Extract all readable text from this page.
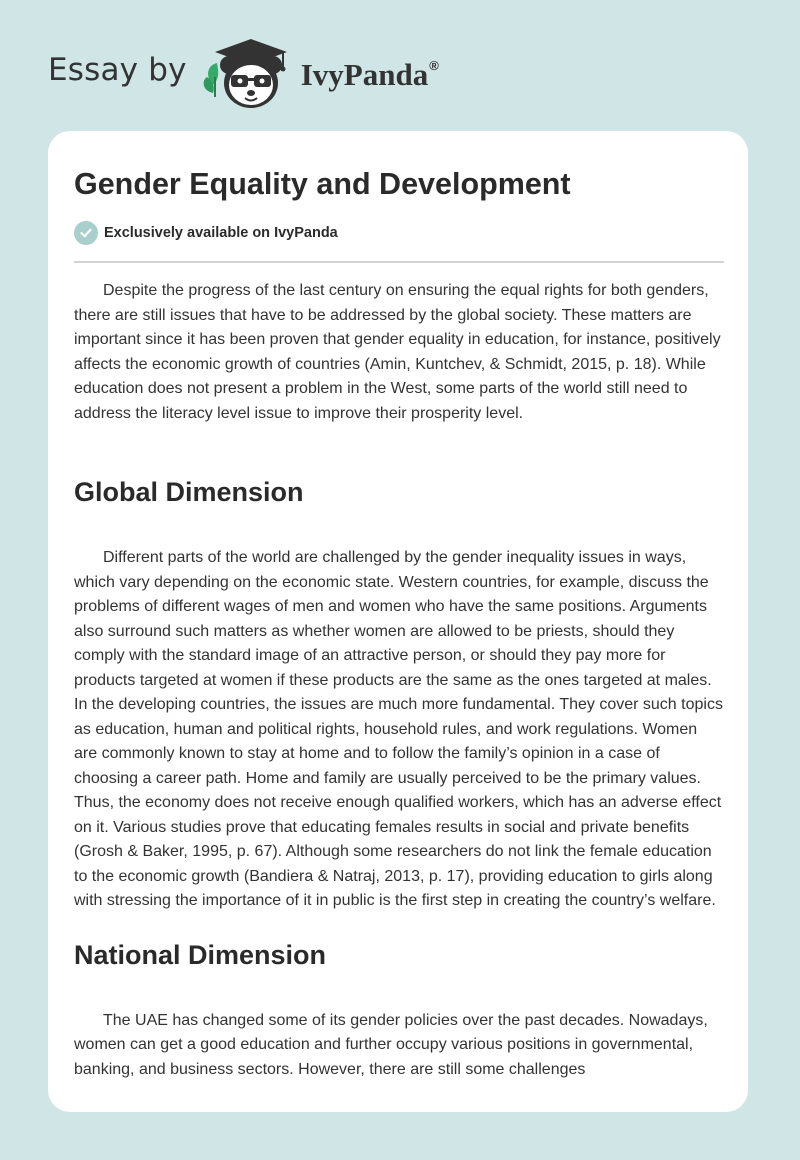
Essay by	IvyPanda®
Gender Equality and Development
Exclusively available on IvyPanda

Despite the progress of the last century on ensuring the equal rights for both genders, there are still issues that have to be addressed by the global society. These matters are important since it has been proven that gender equality in education, for instance, positively affects the economic growth of countries (Amin, Kuntchev, & Schmidt, 2015, p. 18). While education does not present a problem in the West, some parts of the world still need to address the literacy level issue to improve their prosperity level.

Global Dimension

Different parts of the world are challenged by the gender inequality issues in ways, which vary depending on the economic state. Western countries, for example, discuss the problems of different wages of men and women who have the same positions. Arguments also surround such matters as whether women are allowed to be priests, should they comply with the standard image of an attractive person, or should they pay more for products targeted at women if these products are the same as the ones targeted at males. In the developing countries, the issues are much more fundamental. They cover such topics as education, human and political rights, household rules, and work regulations. Women are commonly known to stay at home and to follow the family’s opinion in a case of choosing a career path. Home and family are usually perceived to be the primary values. Thus, the economy does not receive enough qualified workers, which has an adverse effect on it. Various studies prove that educating females results in social and private benefits (Grosh & Baker, 1995, p. 67). Although some researchers do not link the female education to the economic growth (Bandiera & Natraj, 2013, p. 17), providing education to girls along with stressing the importance of it in public is the first step in creating the country’s welfare.

National Dimension

The UAE has changed some of its gender policies over the past decades. Nowadays, women can get a good education and further occupy various positions in governmental, banking, and business sectors. However, there are still some challenges
